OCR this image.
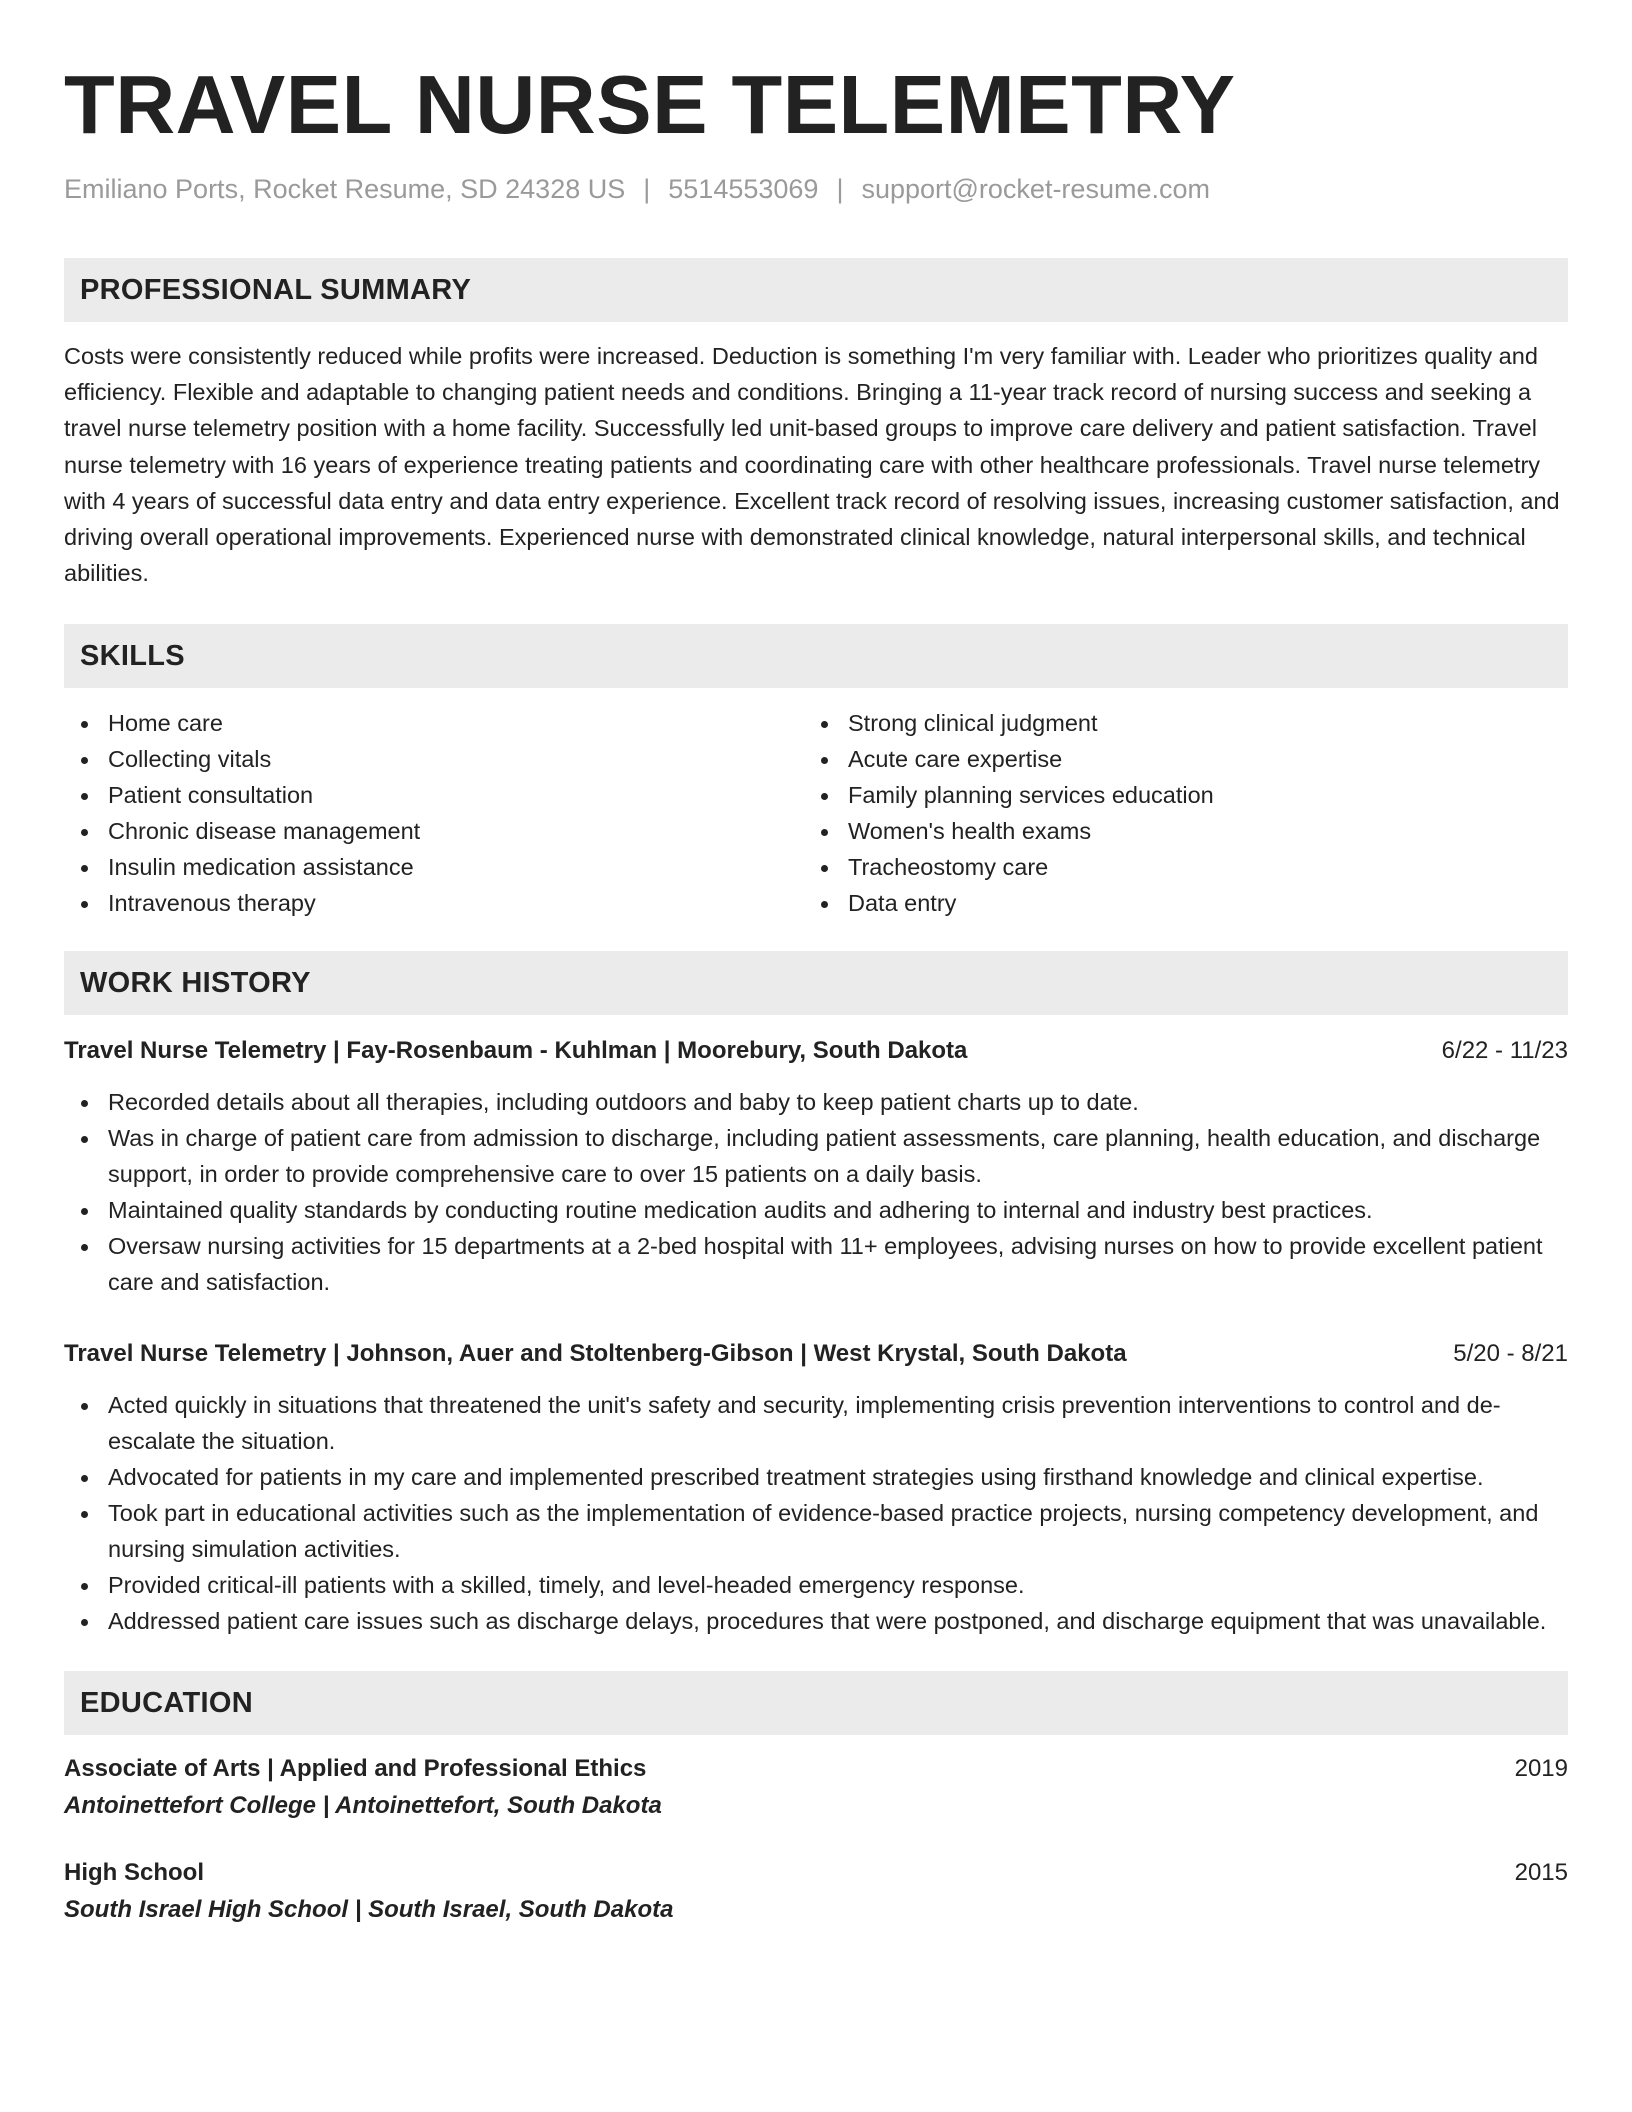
TRAVEL NURSE TELEMETRY
Emiliano Ports, Rocket Resume, SD 24328 US | 5514553069 | support@rocket-resume.com
PROFESSIONAL SUMMARY
Costs were consistently reduced while profits were increased. Deduction is something I'm very familiar with. Leader who prioritizes quality and efficiency. Flexible and adaptable to changing patient needs and conditions. Bringing a 11-year track record of nursing success and seeking a travel nurse telemetry position with a home facility. Successfully led unit-based groups to improve care delivery and patient satisfaction. Travel nurse telemetry with 16 years of experience treating patients and coordinating care with other healthcare professionals. Travel nurse telemetry with 4 years of successful data entry and data entry experience. Excellent track record of resolving issues, increasing customer satisfaction, and driving overall operational improvements. Experienced nurse with demonstrated clinical knowledge, natural interpersonal skills, and technical abilities.
SKILLS
Home care
Collecting vitals
Patient consultation
Chronic disease management
Insulin medication assistance
Intravenous therapy
Strong clinical judgment
Acute care expertise
Family planning services education
Women's health exams
Tracheostomy care
Data entry
WORK HISTORY
Travel Nurse Telemetry | Fay-Rosenbaum - Kuhlman | Moorebury, South Dakota	6/22 - 11/23
Recorded details about all therapies, including outdoors and baby to keep patient charts up to date.
Was in charge of patient care from admission to discharge, including patient assessments, care planning, health education, and discharge support, in order to provide comprehensive care to over 15 patients on a daily basis.
Maintained quality standards by conducting routine medication audits and adhering to internal and industry best practices.
Oversaw nursing activities for 15 departments at a 2-bed hospital with 11+ employees, advising nurses on how to provide excellent patient care and satisfaction.
Travel Nurse Telemetry | Johnson, Auer and Stoltenberg-Gibson | West Krystal, South Dakota	5/20 - 8/21
Acted quickly in situations that threatened the unit's safety and security, implementing crisis prevention interventions to control and de-escalate the situation.
Advocated for patients in my care and implemented prescribed treatment strategies using firsthand knowledge and clinical expertise.
Took part in educational activities such as the implementation of evidence-based practice projects, nursing competency development, and nursing simulation activities.
Provided critical-ill patients with a skilled, timely, and level-headed emergency response.
Addressed patient care issues such as discharge delays, procedures that were postponed, and discharge equipment that was unavailable.
EDUCATION
Associate of Arts | Applied and Professional Ethics	2019
Antoinettefort College | Antoinettefort, South Dakota
High School	2015
South Israel High School | South Israel, South Dakota
